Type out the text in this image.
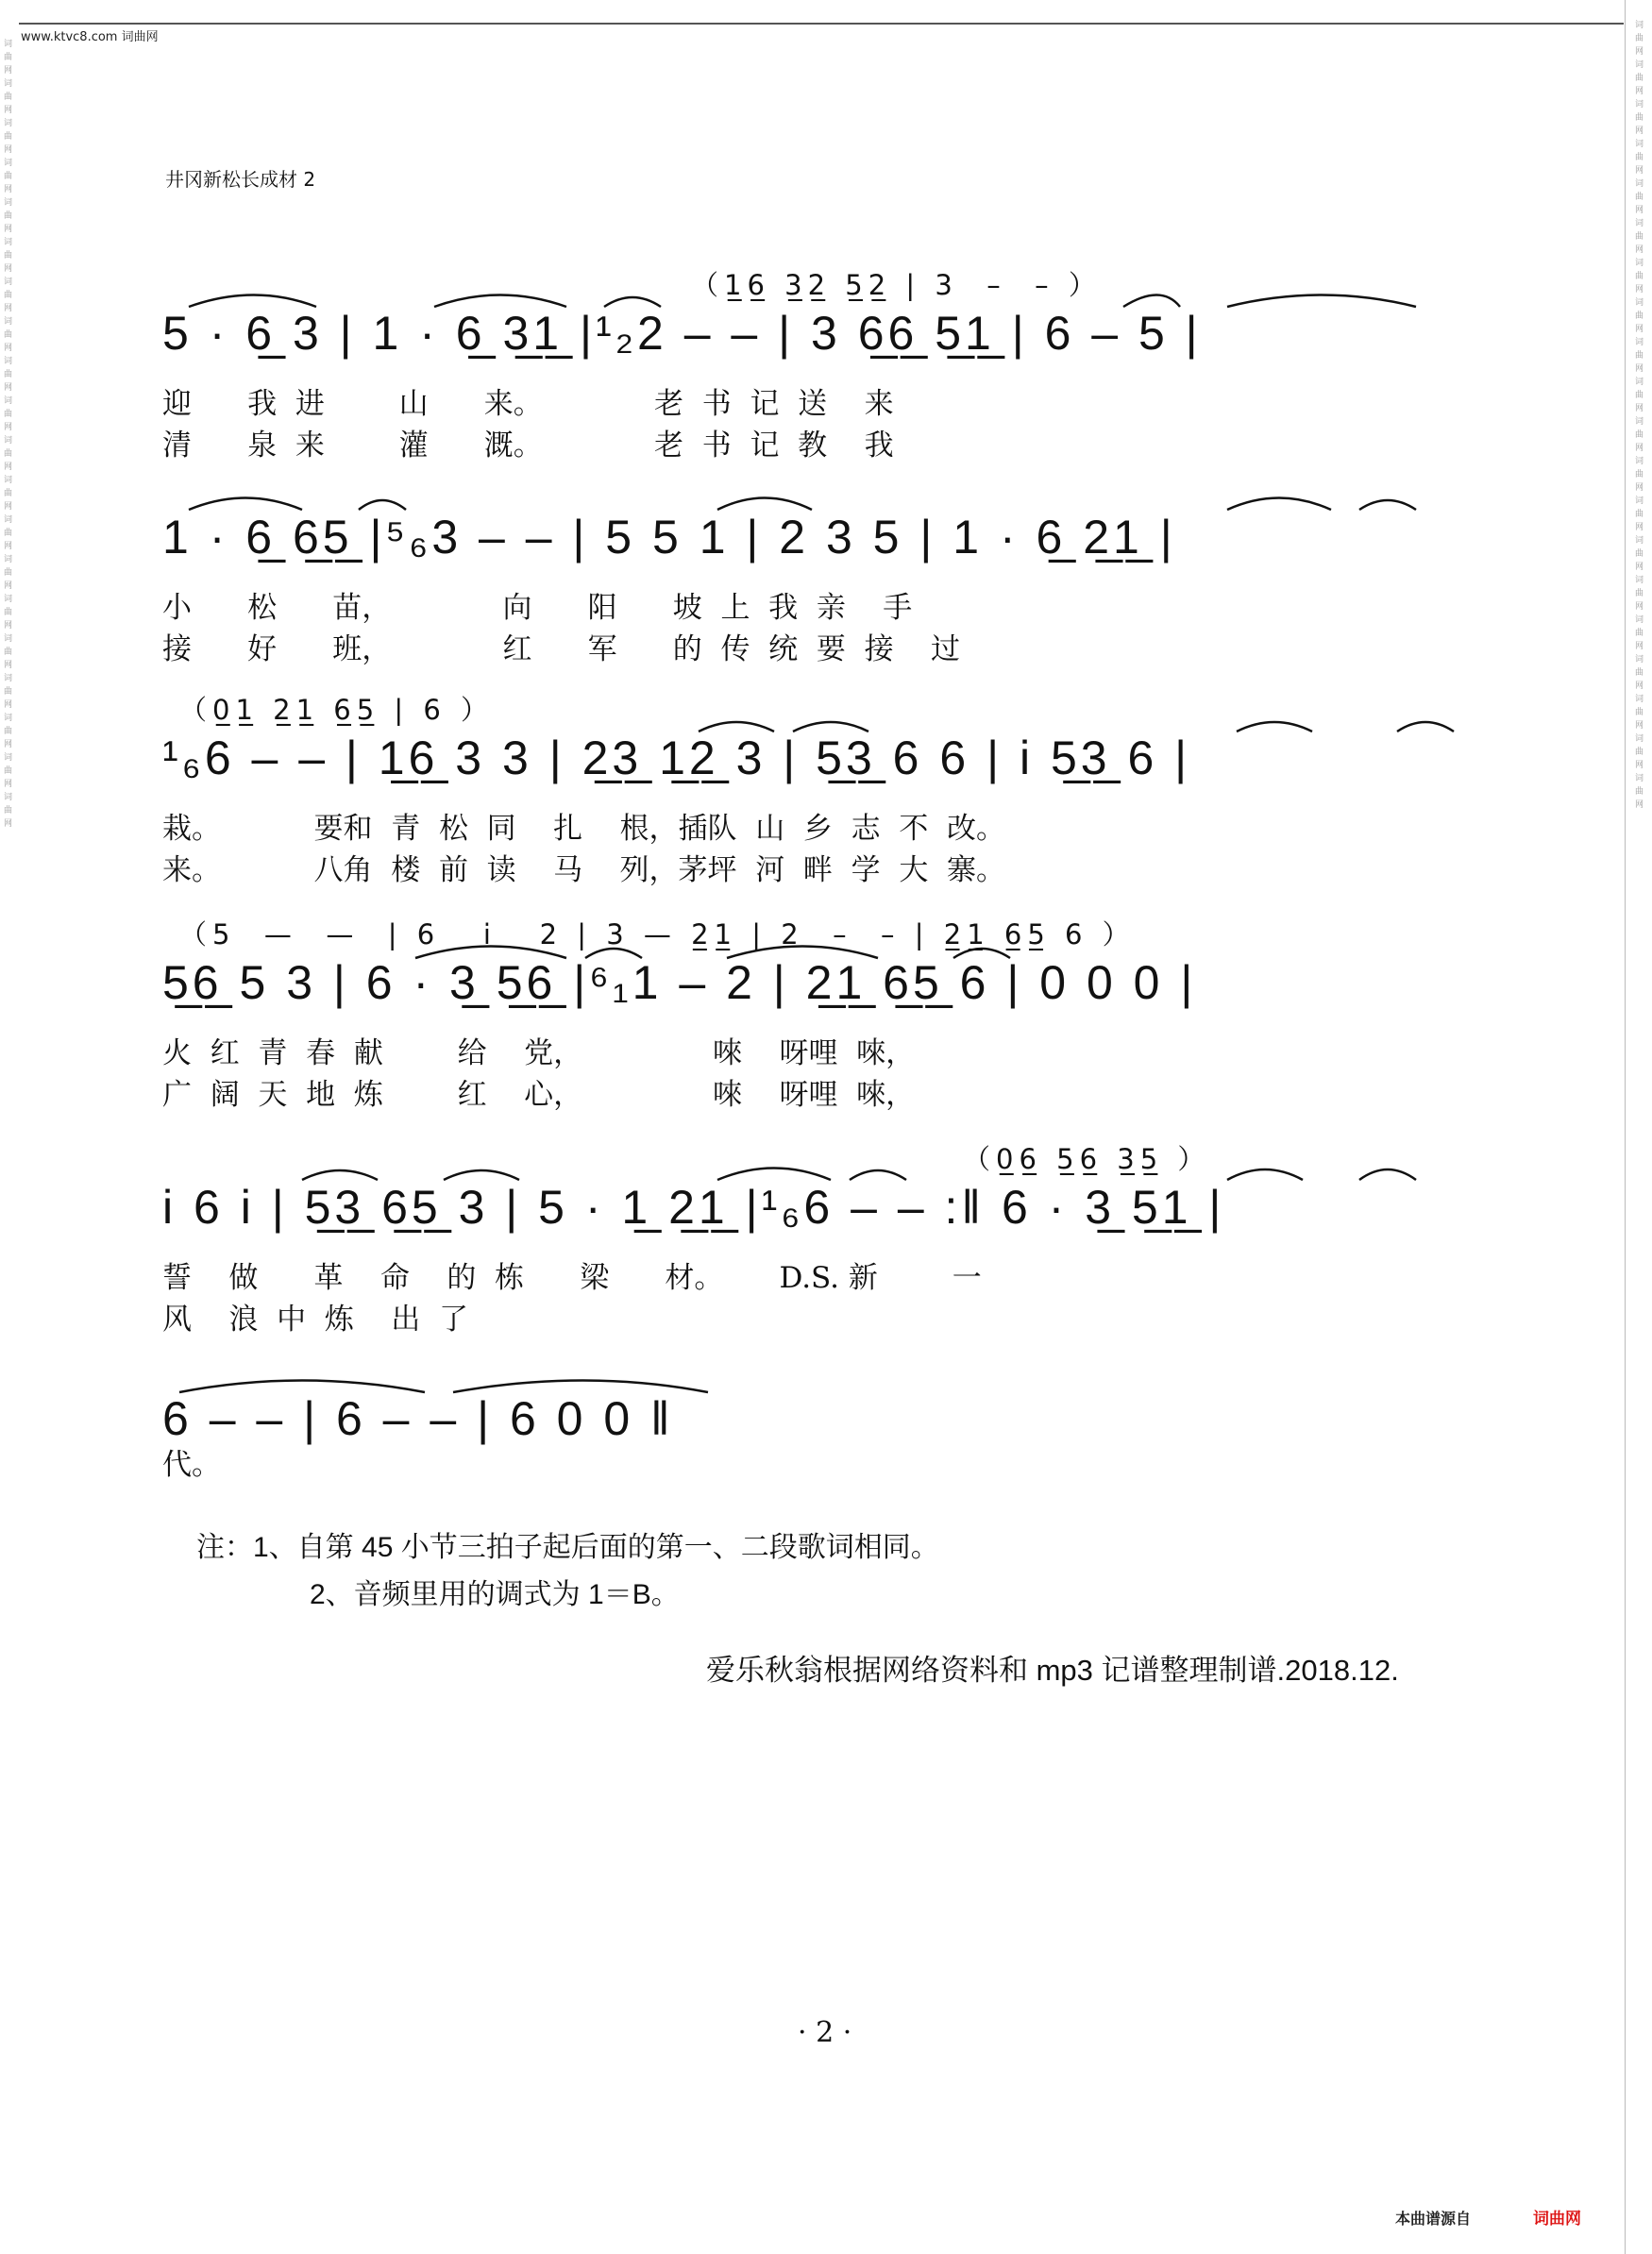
www.ktvc8.com 词曲网
词曲网词曲网词曲网词曲网词曲网词曲网词曲网词曲网词曲网词曲网词曲网词曲网词曲网词曲网词曲网词曲网词曲网词曲网词曲网词曲网
词曲网词曲网词曲网词曲网词曲网词曲网词曲网词曲网词曲网词曲网词曲网词曲网词曲网词曲网词曲网词曲网词曲网词曲网词曲网词曲网
井冈新松长成材 2
（1̲6̲ 3̲2̲ 5̲2̲ | 3  –  – ）
5 · 6̲ 3 | 1 · 6̲ 3̲1̲ |¹₂2 – – | 3 6̲6̲ 5̲1̲ | 6 – 5 |
迎      我  进        山      来。            老  书  记  送    来
清      泉  来        灌      溉。            老  书  记  教    我
1 · 6̲ 6̲5̲ |⁵₆3 – – | 5 5 1 | 2 3 5 | 1 · 6̲ 2̲1̲ |
小      松      苗，            向      阳      坡  上  我  亲    手
接      好      班，            红      军      的  传  统  要  接    过
（0̲1̲ 2̲1̲ 6̲5̲ | 6 ）
¹₆6 – – | 1̲6̲ 3 3 | 2̲3̲ 1̲2̲ 3 | 5̲3̲ 6 6 | i 5̲3̲ 6 |
栽。          要和  青  松  同    扎    根，插队  山  乡  志  不  改。
来。          八角  楼  前  读    马    列，茅坪  河  畔  学  大  寨。
（5  —  —  | 6   i   2 | 3 — 2̲1̲ | 2  –  – | 2̲1̲ 6̲5̲ 6 ）
5̲6̲ 5 3 | 6 · 3̲ 5̲6̲ |⁶₁1 – 2 | 2̲1̲ 6̲5̲ 6 | 0 0 0 |
火  红  青  春  献        给    党，              唻    呀哩  唻，
广  阔  天  地  炼        红    心，              唻    呀哩  唻，
（0̲6̲ 5̲6̲ 3̲5̲ ）
i 6 i | 5̲3̲ 6̲5̲ 3 | 5 · 1̲ 2̲1̲ |¹₆6 – – :‖ 6 · 3̲ 5̲1̲ |
誓    做      革    命    的  栋      梁      材。      D.S. 新        一
风    浪  中  炼    出  了
6 – – | 6 – – | 6 0 0 ‖
代。
注：1、自第 45 小节三拍子起后面的第一、二段歌词相同。
2、音频里用的调式为 1＝B。
爱乐秋翁根据网络资料和 mp3 记谱整理制谱.2018.12.
· 2 ·
本曲谱源自	词曲网
